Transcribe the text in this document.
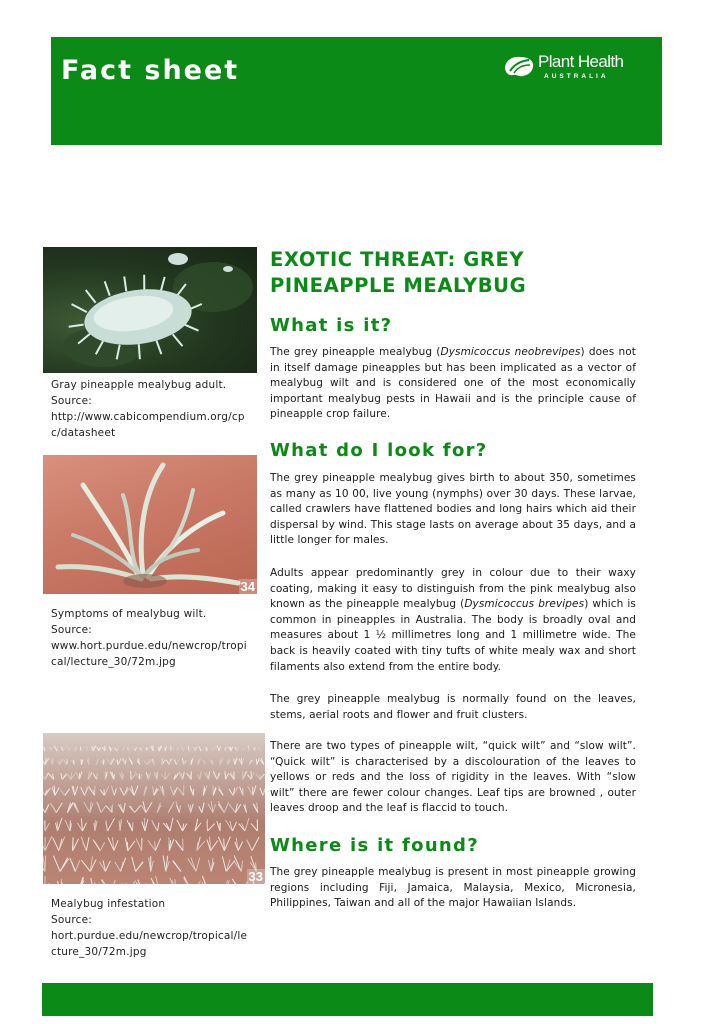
Fact sheet	Plant Health
AUSTRALIA
Gray pineapple mealybug adult.
Source:
http://www.cabicompendium.org/cp
c/datasheet
34
Symptoms of mealybug wilt.
Source:
www.hort.purdue.edu/newcrop/tropi
cal/lecture_30/72m.jpg
33
Mealybug infestation
Source:
hort.purdue.edu/newcrop/tropical/le
cture_30/72m.jpg
EXOTIC THREAT: GREY
PINEAPPLE MEALYBUG
What is it?

The grey pineapple mealybug (Dysmicoccus neobrevipes) does not in itself damage pineapples but has been implicated as a vector of mealybug wilt and is considered one of the most economically important mealybug pests in Hawaii and is the principle cause of pineapple crop failure.

What do I look for?

The grey pineapple mealybug gives birth to about 350, sometimes as many as 10 00, live young (nymphs) over 30 days. These larvae, called crawlers have flattened bodies and long hairs which aid their dispersal by wind. This stage lasts on average about 35 days, and a little longer for males.

Adults appear predominantly grey in colour due to their waxy coating, making it easy to distinguish from the pink mealybug also known as the pineapple mealybug (Dysmicoccus brevipes) which is common in pineapples in Australia. The body is broadly oval and measures about 1 ½ millimetres long and 1 millimetre wide. The back is heavily coated with tiny tufts of white mealy wax and short filaments also extend from the entire body.

The grey pineapple mealybug is normally found on the leaves, stems, aerial roots and flower and fruit clusters.

There are two types of pineapple wilt, “quick wilt” and “slow wilt”. “Quick wilt” is characterised by a discolouration of the leaves to yellows or reds and the loss of rigidity in the leaves. With “slow wilt” there are fewer colour changes. Leaf tips are browned , outer leaves droop and the leaf is flaccid to touch.

Where is it found?

The grey pineapple mealybug is present in most pineapple growing regions including Fiji, Jamaica, Malaysia, Mexico, Micronesia, Philippines, Taiwan and all of the major Hawaiian Islands.
